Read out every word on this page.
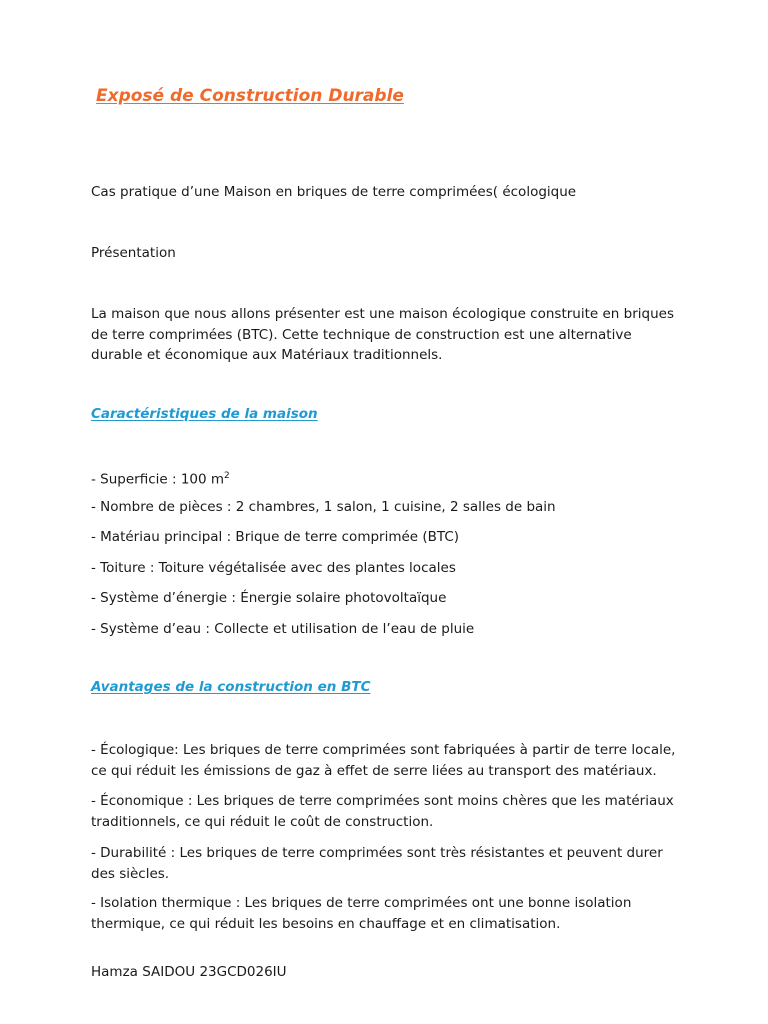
Exposé de Construction Durable
Cas pratique d’une Maison en briques de terre comprimées( écologique
Présentation
La maison que nous allons présenter est une maison écologique construite en briques de terre comprimées (BTC). Cette technique de construction est une alternative durable et économique aux Matériaux traditionnels.
Caractéristiques de la maison
- Superficie : 100 $m^2$
- Nombre de pièces : 2 chambres, 1 salon, 1 cuisine, 2 salles de bain
- Matériau principal : Brique de terre comprimée (BTC)
- Toiture : Toiture végétalisée avec des plantes locales
- Système d’énergie : Énergie solaire photovoltaïque
- Système d’eau : Collecte et utilisation de l’eau de pluie
Avantages de la construction en BTC
- Écologique: Les briques de terre comprimées sont fabriquées à partir de terre locale, ce qui réduit les émissions de gaz à effet de serre liées au transport des matériaux.
- Économique : Les briques de terre comprimées sont moins chères que les matériaux traditionnels, ce qui réduit le coût de construction.
- Durabilité : Les briques de terre comprimées sont très résistantes et peuvent durer des siècles.
- Isolation thermique : Les briques de terre comprimées ont une bonne isolation thermique, ce qui réduit les besoins en chauffage et en climatisation.
Hamza SAIDOU 23GCD026IU
